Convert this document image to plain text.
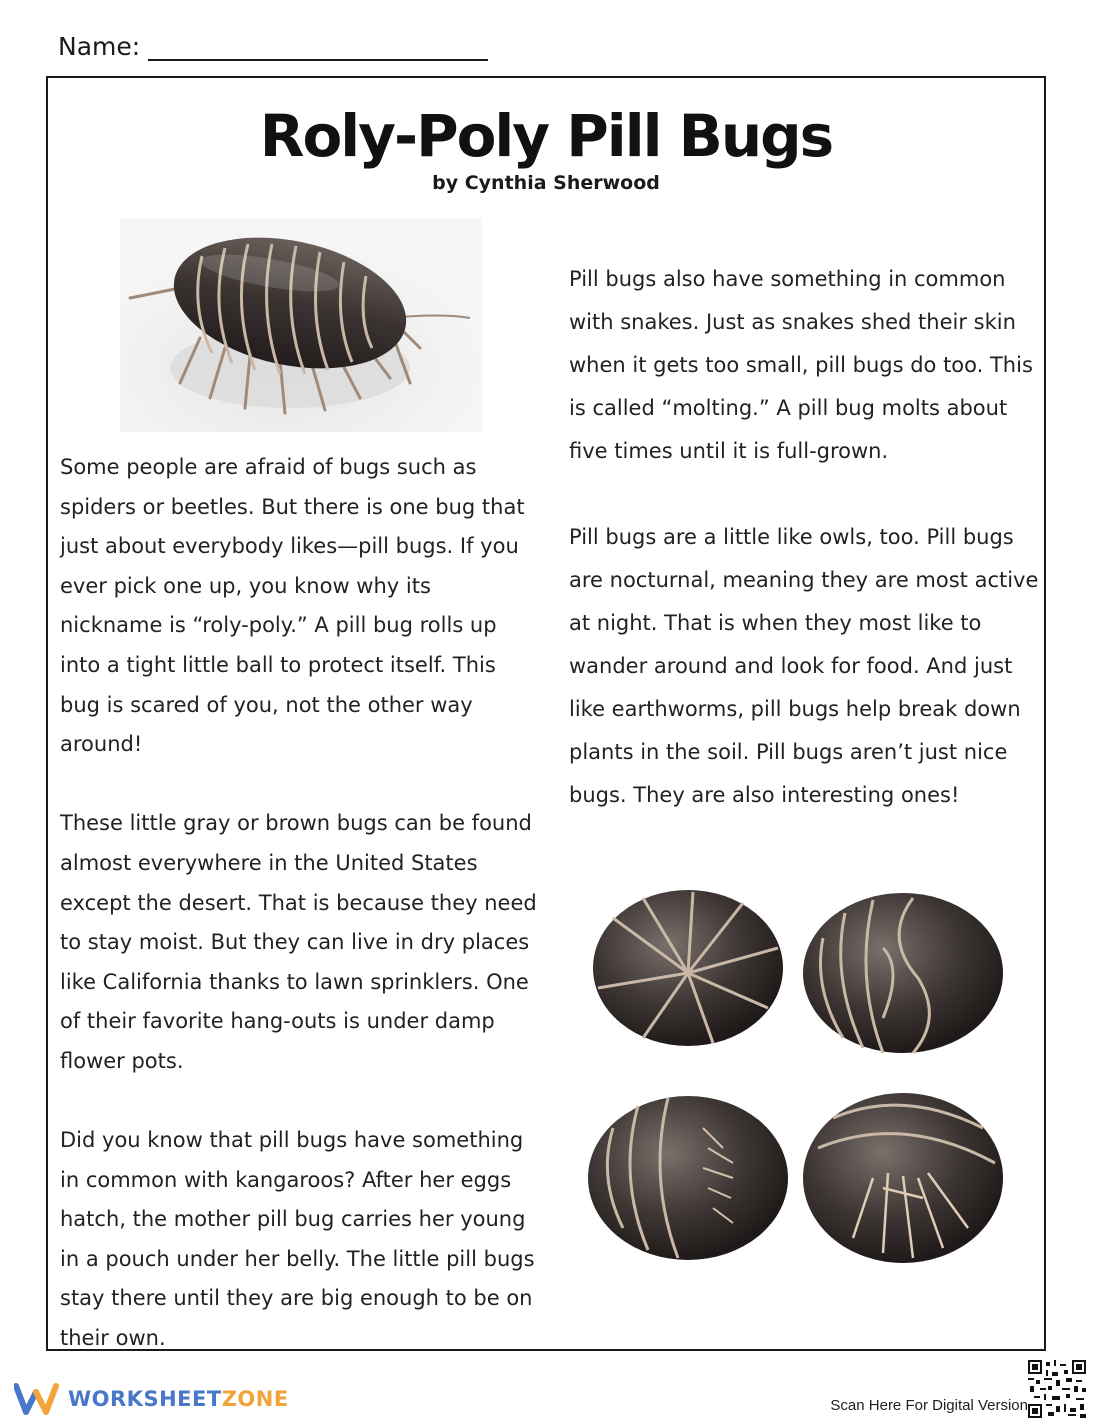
Name:
Roly-Poly Pill Bugs
by Cynthia Sherwood

Some people are afraid of bugs such as spiders or beetles. But there is one bug that just about everybody likes—pill bugs. If you ever pick one up, you know why its nickname is “roly-poly.” A pill bug rolls up into a tight little ball to protect itself. This bug is scared of you, not the other way around!

These little gray or brown bugs can be found almost everywhere in the United States except the desert. That is because they need to stay moist. But they can live in dry places like California thanks to lawn sprinklers. One of their favorite hang-outs is under damp flower pots.

Did you know that pill bugs have something in common with kangaroos? After her eggs hatch, the mother pill bug carries her young in a pouch under her belly. The little pill bugs stay there until they are big enough to be on their own.

Pill bugs also have something in common with snakes. Just as snakes shed their skin when it gets too small, pill bugs do too. This is called “molting.” A pill bug molts about five times until it is full-grown.

Pill bugs are a little like owls, too. Pill bugs are nocturnal, meaning they are most active at night. That is when they most like to wander around and look for food. And just like earthworms, pill bugs help break down plants in the soil. Pill bugs aren’t just nice bugs. They are also interesting ones!

WORKSHEETZONE	Scan Here For Digital Version
